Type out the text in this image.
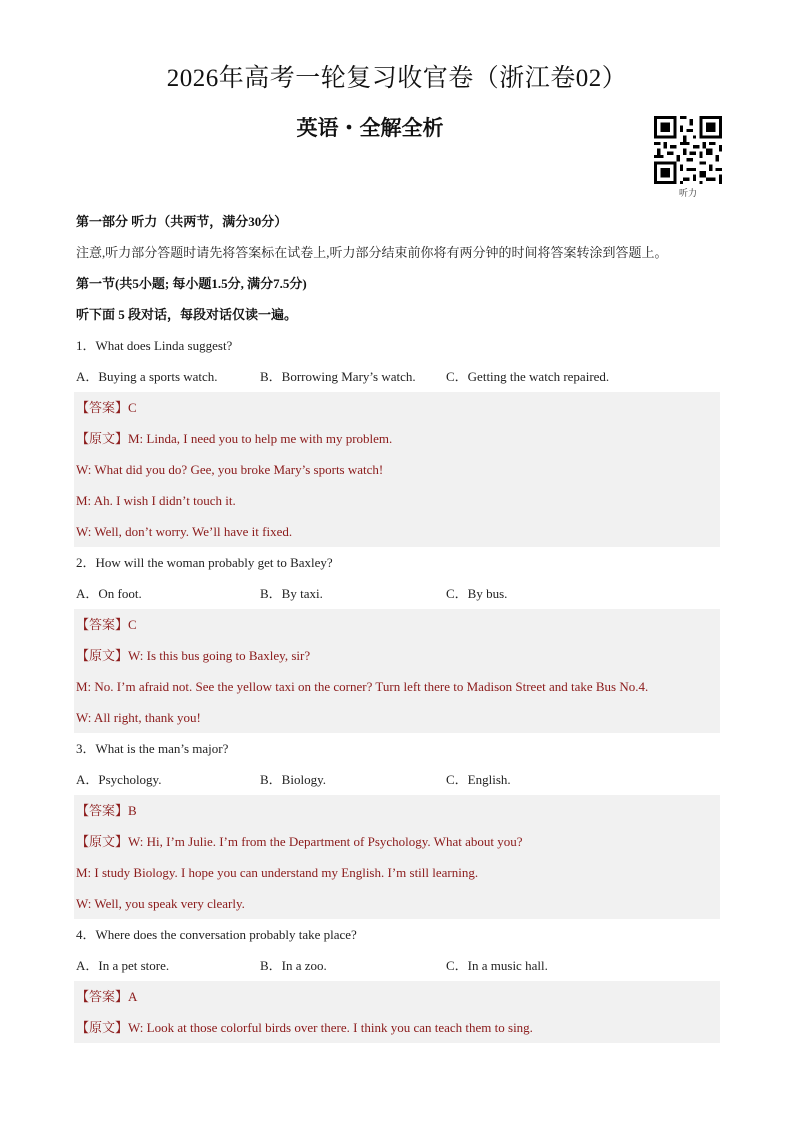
2026年高考一轮复习收官卷（浙江卷02）
英语・全解全析
听力
第一部分 听力（共两节，满分30分）
注意,听力部分答题时请先将答案标在试卷上,听力部分结束前你将有两分钟的时间将答案转涂到答题上。
第一节(共5小题; 每小题1.5分, 满分7.5分)
听下面 5 段对话，每段对话仅读一遍。
1．What does Linda suggest?
A．Buying a sports watch.	B．Borrowing Mary’s watch.	C．Getting the watch repaired.
【答案】C
【原文】M: Linda, I need you to help me with my problem.
W: What did you do? Gee, you broke Mary’s sports watch!
M: Ah. I wish I didn’t touch it.
W: Well, don’t worry. We’ll have it fixed.
2．How will the woman probably get to Baxley?
A．On foot.	B．By taxi.	C．By bus.
【答案】C
【原文】W: Is this bus going to Baxley, sir?
M: No. I’m afraid not. See the yellow taxi on the corner? Turn left there to Madison Street and take Bus No.4.
W: All right, thank you!
3．What is the man’s major?
A．Psychology.	B．Biology.	C．English.
【答案】B
【原文】W: Hi, I’m Julie. I’m from the Department of Psychology. What about you?
M: I study Biology. I hope you can understand my English. I’m still learning.
W: Well, you speak very clearly.
4．Where does the conversation probably take place?
A．In a pet store.	B．In a zoo.	C．In a music hall.
【答案】A
【原文】W: Look at those colorful birds over there. I think you can teach them to sing.
